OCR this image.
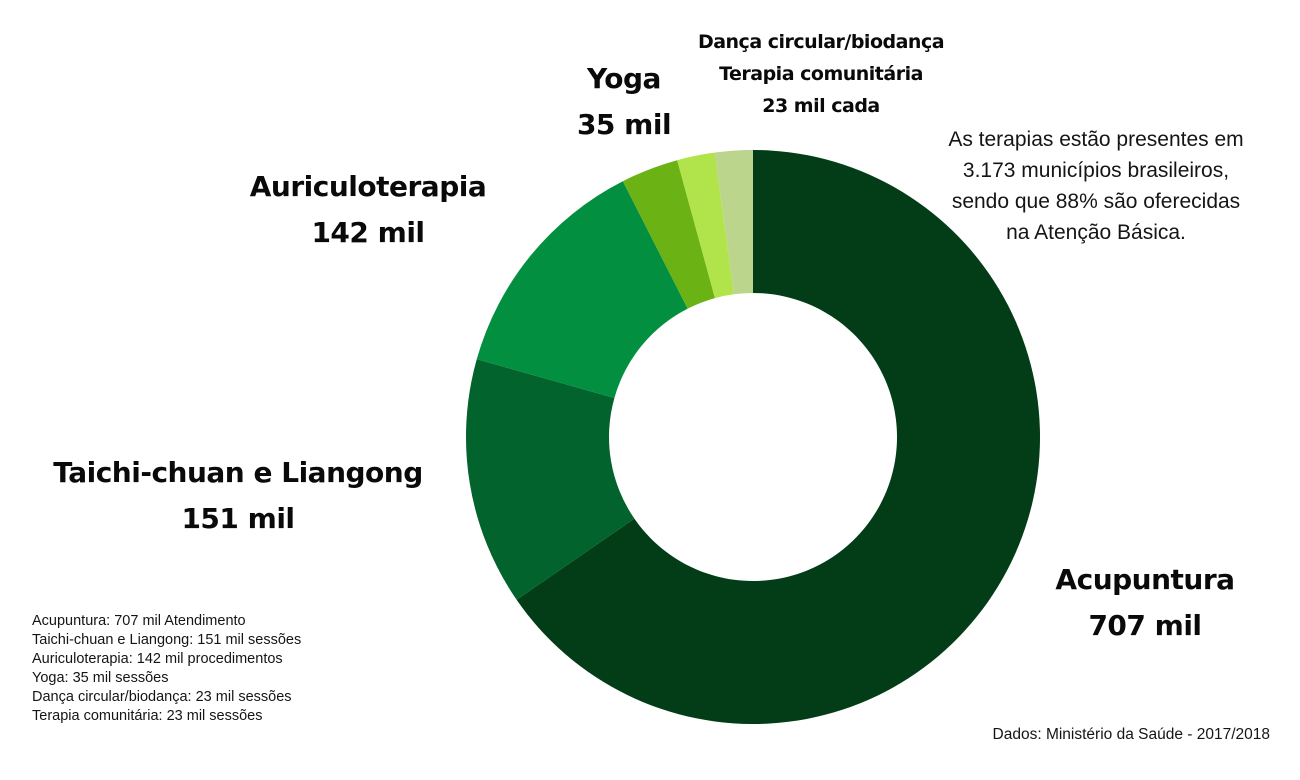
Acupuntura
707 mil
Taichi-chuan e Liangong
151 mil
Auriculoterapia
142 mil
Yoga
35 mil
Dança circular/biodança
Terapia comunitária
23 mil cada
As terapias estão presentes em
3.173 municípios brasileiros,
sendo que 88% são oferecidas
na Atenção Básica.
Acupuntura: 707 mil Atendimento
Taichi-chuan e Liangong: 151 mil sessões
Auriculoterapia: 142 mil procedimentos
Yoga: 35 mil sessões
Dança circular/biodança: 23 mil sessões
Terapia comunitária: 23 mil sessões
Dados: Ministério da Saúde - 2017/2018
